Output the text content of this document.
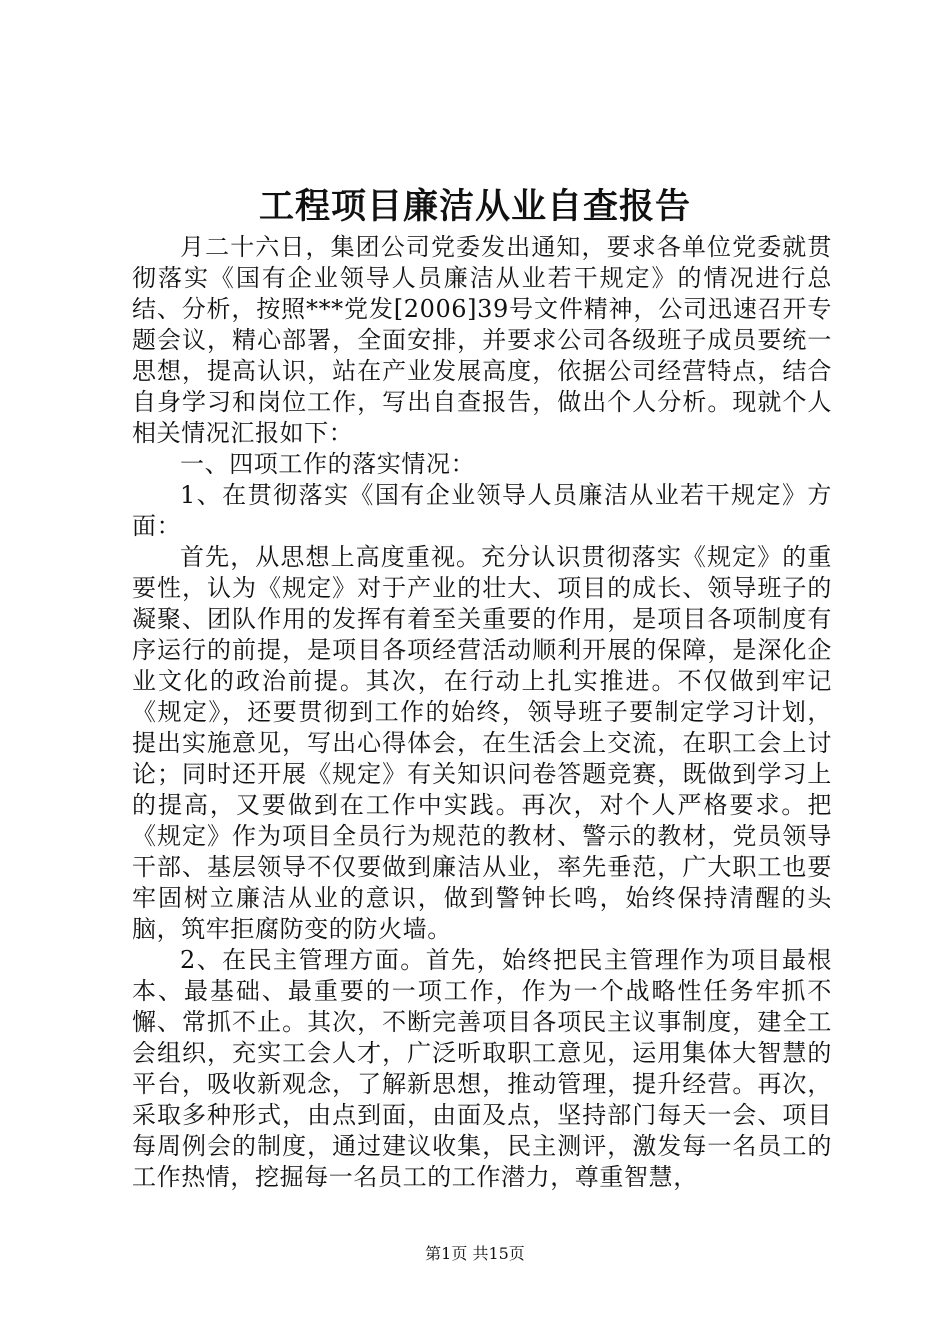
工程项目廉洁从业自查报告

月二十六日，集团公司党委发出通知，要求各单位党委就贯彻落实《国有企业领导人员廉洁从业若干规定》的情况进行总结、分析，按照***党发[2006]39号文件精神，公司迅速召开专题会议，精心部署，全面安排，并要求公司各级班子成员要统一思想，提高认识，站在产业发展高度，依据公司经营特点，结合自身学习和岗位工作，写出自查报告，做出个人分析。现就个人相关情况汇报如下：

一、四项工作的落实情况：

1、在贯彻落实《国有企业领导人员廉洁从业若干规定》方面：

首先，从思想上高度重视。充分认识贯彻落实《规定》的重要性，认为《规定》对于产业的壮大、项目的成长、领导班子的凝聚、团队作用的发挥有着至关重要的作用，是项目各项制度有序运行的前提，是项目各项经营活动顺利开展的保障，是深化企业文化的政治前提。其次，在行动上扎实推进。不仅做到牢记《规定》，还要贯彻到工作的始终，领导班子要制定学习计划，提出实施意见，写出心得体会，在生活会上交流，在职工会上讨论；同时还开展《规定》有关知识问卷答题竞赛，既做到学习上的提高，又要做到在工作中实践。再次，对个人严格要求。把《规定》作为项目全员行为规范的教材、警示的教材，党员领导干部、基层领导不仅要做到廉洁从业，率先垂范，广大职工也要牢固树立廉洁从业的意识，做到警钟长鸣，始终保持清醒的头脑，筑牢拒腐防变的防火墙。

2、在民主管理方面。首先，始终把民主管理作为项目最根本、最基础、最重要的一项工作，作为一个战略性任务牢抓不懈、常抓不止。其次，不断完善项目各项民主议事制度，建全工会组织，充实工会人才，广泛听取职工意见，运用集体大智慧的平台，吸收新观念，了解新思想，推动管理，提升经营。再次，采取多种形式，由点到面，由面及点，坚持部门每天一会、项目每周例会的制度，通过建议收集，民主测评，激发每一名员工的工作热情，挖掘每一名员工的工作潜力，尊重智慧，

第1页 共15页
